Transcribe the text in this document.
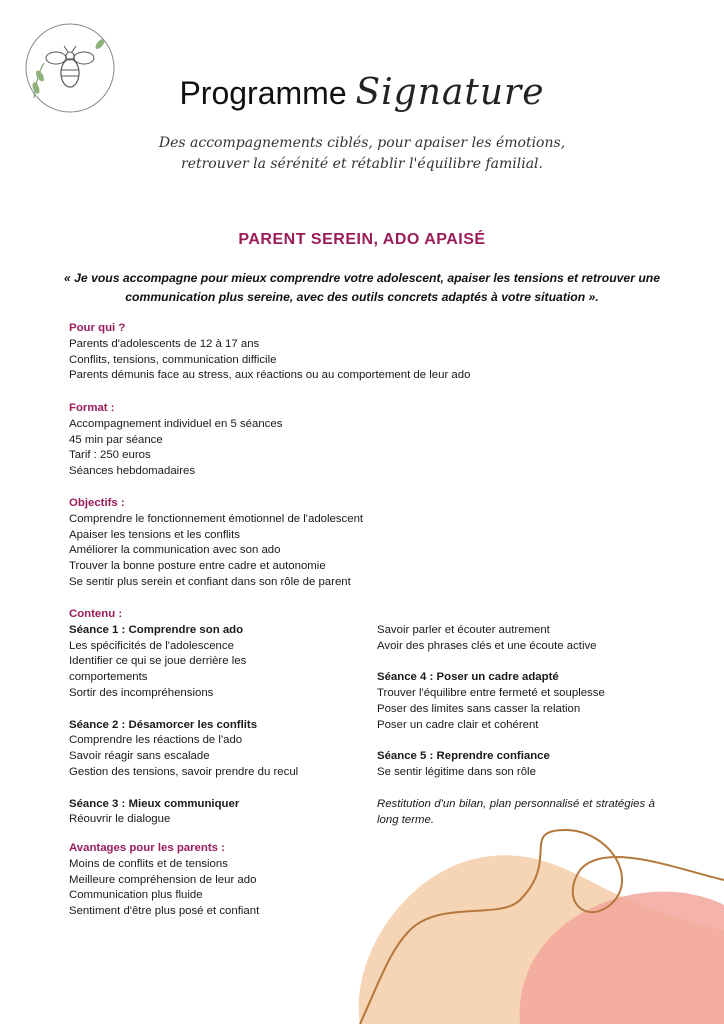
Programme Signature
Des accompagnements ciblés, pour apaiser les émotions,
retrouver la sérénité et rétablir l'équilibre familial.
PARENT SEREIN, ADO APAISÉ
« Je vous accompagne pour mieux comprendre votre adolescent, apaiser les tensions et retrouver une communication plus sereine, avec des outils concrets adaptés à votre situation ».
Pour qui ?
Parents d'adolescents de 12 à 17 ans
Conflits, tensions, communication difficile
Parents démunis face au stress, aux réactions ou au comportement de leur ado
Format :
Accompagnement individuel en 5 séances
45 min par séance
Tarif : 250 euros
Séances hebdomadaires
Objectifs :
Comprendre le fonctionnement émotionnel de l'adolescent
Apaiser les tensions et les conflits
Améliorer la communication avec son ado
Trouver la bonne posture entre cadre et autonomie
Se sentir plus serein et confiant dans son rôle de parent
Contenu :
Séance 1 : Comprendre son ado
Les spécificités de l'adolescence
Identifier ce qui se joue derrière les comportements
Sortir des incompréhensions
Séance 2 : Désamorcer les conflits
Comprendre les réactions de l'ado
Savoir réagir sans escalade
Gestion des tensions, savoir prendre du recul
Séance 3 : Mieux communiquer
Réouvrir le dialogue
Savoir parler et écouter autrement
Avoir des phrases clés et une écoute active
Séance 4 : Poser un cadre adapté
Trouver l'équilibre entre fermeté et souplesse
Poser des limites sans casser la relation
Poser un cadre clair et cohérent
Séance 5 : Reprendre confiance
Se sentir légitime dans son rôle
Restitution d'un bilan, plan personnalisé et stratégies à long terme.
Avantages pour les parents :
Moins de conflits et de tensions
Meilleure compréhension de leur ado
Communication plus fluide
Sentiment d'être plus posé et confiant
